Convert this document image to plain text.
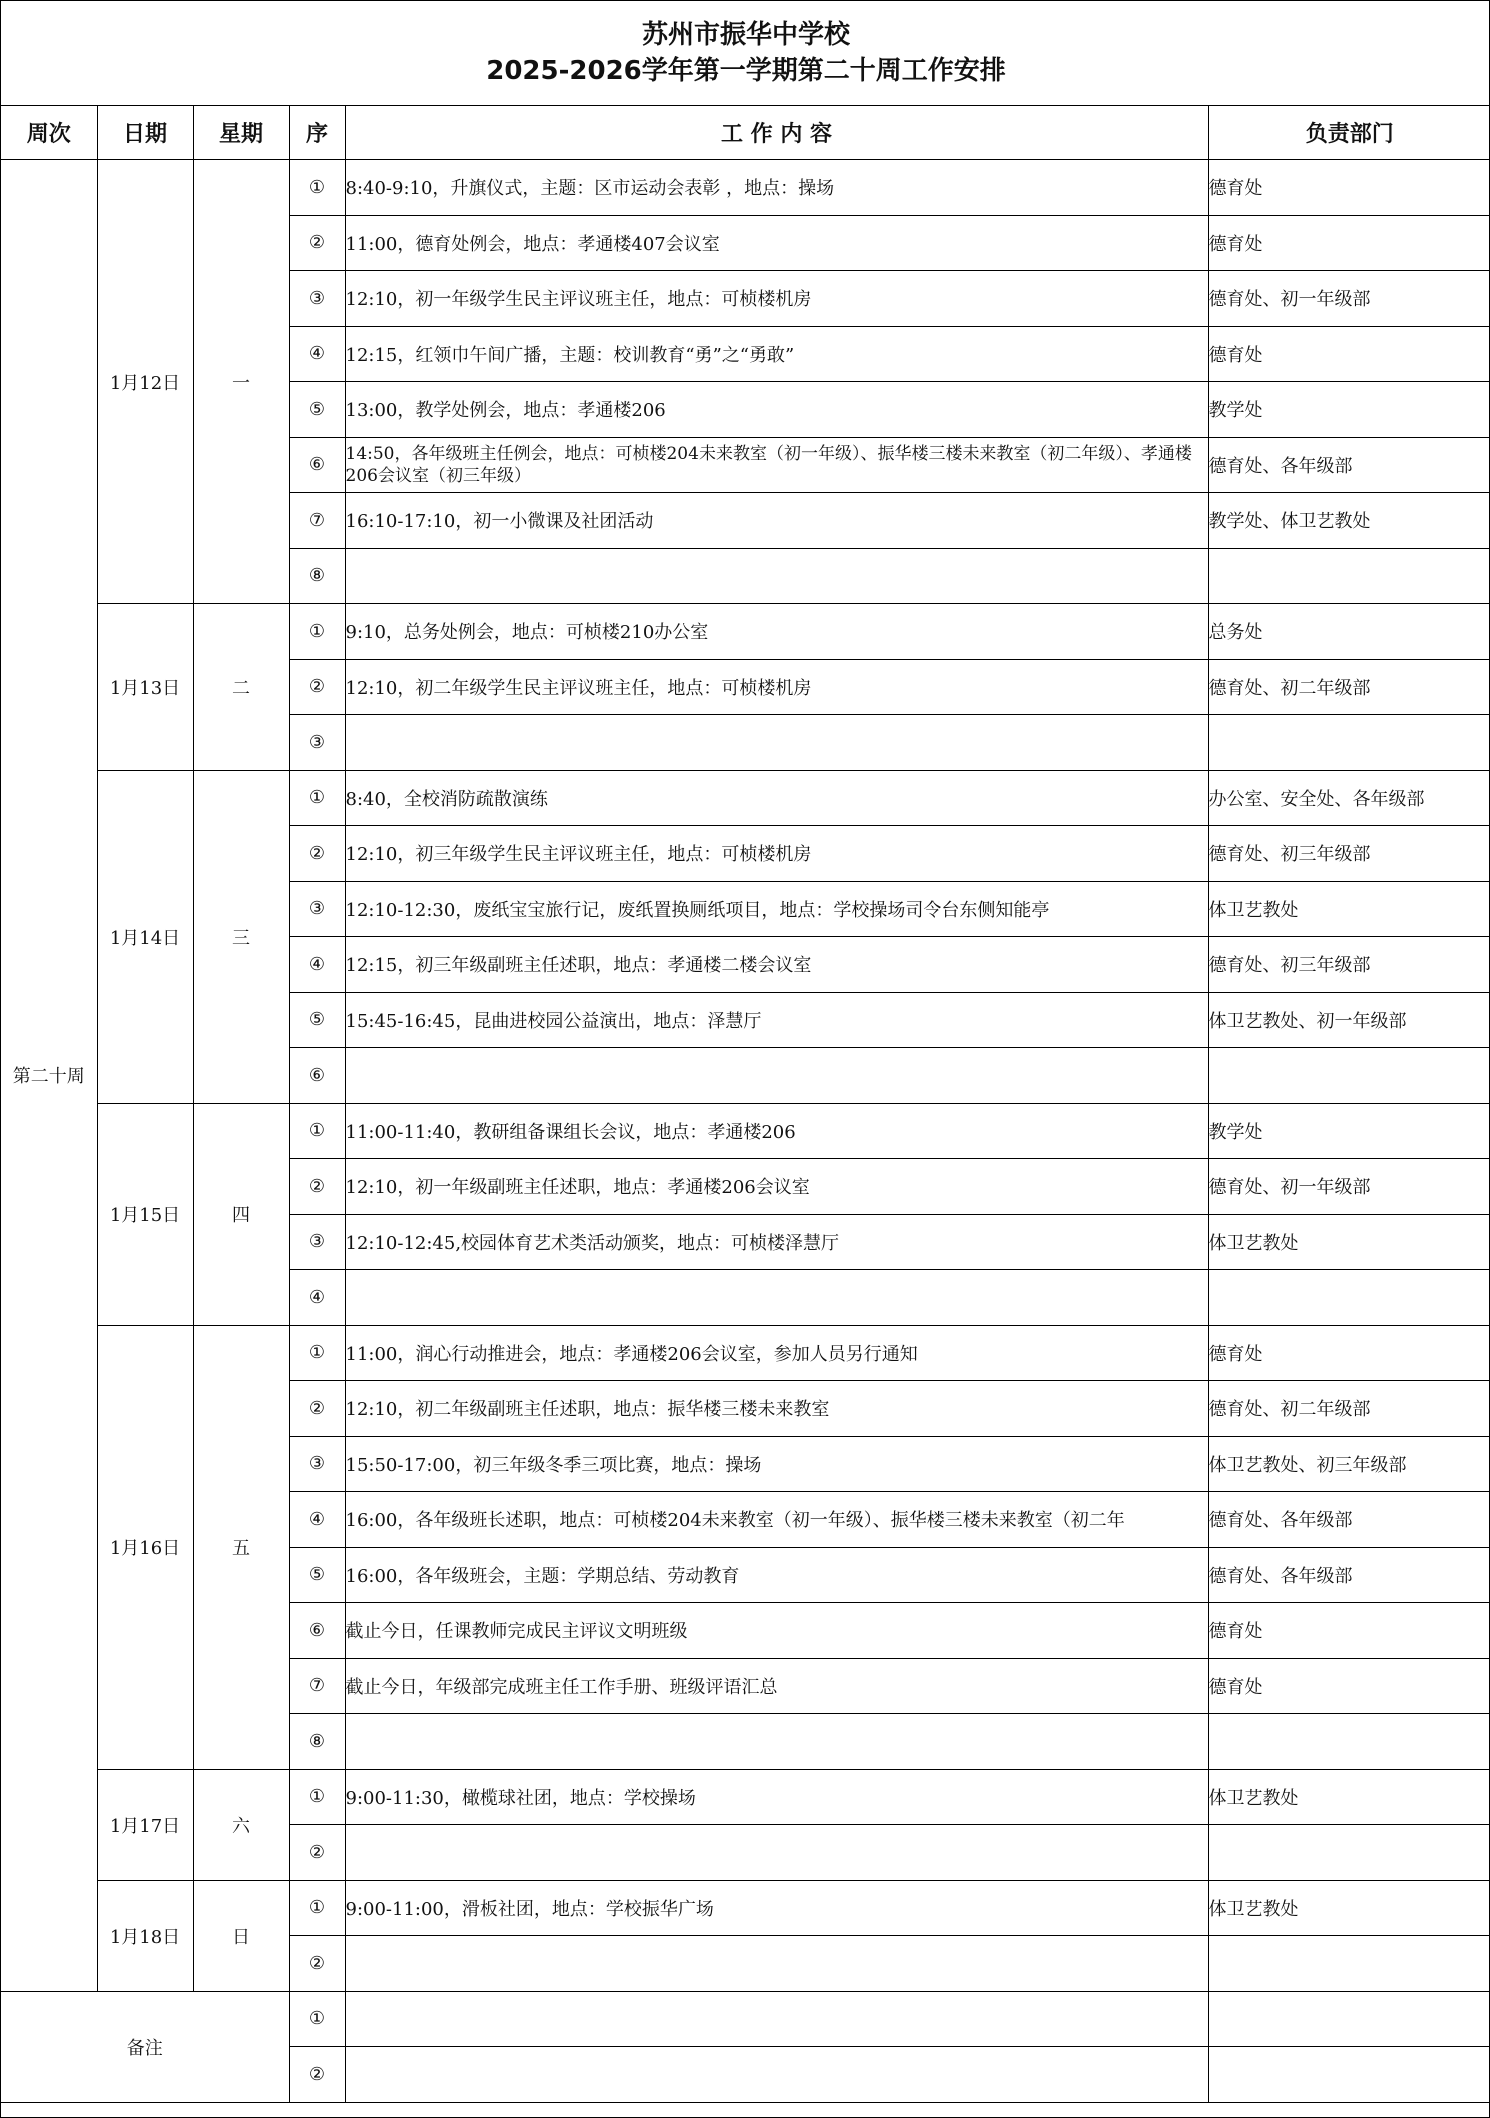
苏州市振华中学校
2025-2026学年第一学期第二十周工作安排
周次	日期	星期	序	工 作 内 容	负责部门
第二十周	1月12日	一	①	8:40-9:10，升旗仪式，主题：区市运动会表彰 ，地点：操场	德育处
			②	11:00，德育处例会，地点：孝通楼407会议室	德育处
			③	12:10，初一年级学生民主评议班主任，地点：可桢楼机房	德育处、初一年级部
			④	12:15，红领巾午间广播，主题：校训教育“勇”之“勇敢”	德育处
			⑤	13:00，教学处例会，地点：孝通楼206	教学处
			⑥	14:50，各年级班主任例会，地点：可桢楼204未来教室（初一年级）、振华楼三楼未来教室（初二年级）、孝通楼206会议室（初三年级）	德育处、各年级部
			⑦	16:10-17:10，初一小微课及社团活动	教学处、体卫艺教处
			⑧		
	1月13日	二	①	9:10，总务处例会，地点：可桢楼210办公室	总务处
			②	12:10，初二年级学生民主评议班主任，地点：可桢楼机房	德育处、初二年级部
			③		
	1月14日	三	①	8:40，全校消防疏散演练	办公室、安全处、各年级部
			②	12:10，初三年级学生民主评议班主任，地点：可桢楼机房	德育处、初三年级部
			③	12:10-12:30，废纸宝宝旅行记，废纸置换厕纸项目，地点：学校操场司令台东侧知能亭	体卫艺教处
			④	12:15，初三年级副班主任述职，地点：孝通楼二楼会议室	德育处、初三年级部
			⑤	15:45-16:45，昆曲进校园公益演出，地点：泽慧厅	体卫艺教处、初一年级部
			⑥		
	1月15日	四	①	11:00-11:40，教研组备课组长会议，地点：孝通楼206	教学处
			②	12:10，初一年级副班主任述职，地点：孝通楼206会议室	德育处、初一年级部
			③	12:10-12:45,校园体育艺术类活动颁奖，地点：可桢楼泽慧厅	体卫艺教处
			④		
	1月16日	五	①	11:00，润心行动推进会，地点：孝通楼206会议室，参加人员另行通知	德育处
			②	12:10，初二年级副班主任述职，地点：振华楼三楼未来教室	德育处、初二年级部
			③	15:50-17:00，初三年级冬季三项比赛，地点：操场	体卫艺教处、初三年级部
			④	16:00，各年级班长述职，地点：可桢楼204未来教室（初一年级）、振华楼三楼未来教室（初二年	德育处、各年级部
			⑤	16:00，各年级班会，主题：学期总结、劳动教育	德育处、各年级部
			⑥	截止今日，任课教师完成民主评议文明班级	德育处
			⑦	截止今日，年级部完成班主任工作手册、班级评语汇总	德育处
			⑧		
	1月17日	六	①	9:00-11:30，橄榄球社团，地点：学校操场	体卫艺教处
			②		
	1月18日	日	①	9:00-11:00，滑板社团，地点：学校振华广场	体卫艺教处
			②		
备注			①		
			②		
